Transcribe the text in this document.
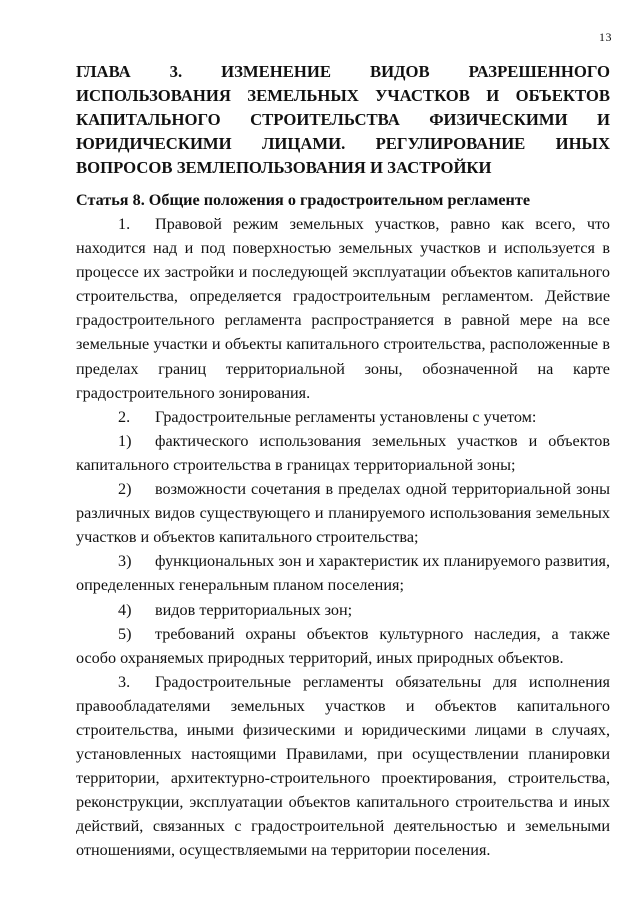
13
ГЛАВА 3. ИЗМЕНЕНИЕ ВИДОВ РАЗРЕШЕННОГО
ИСПОЛЬЗОВАНИЯ ЗЕМЕЛЬНЫХ УЧАСТКОВ И ОБЪЕКТОВ
КАПИТАЛЬНОГО СТРОИТЕЛЬСТВА ФИЗИЧЕСКИМИ И
ЮРИДИЧЕСКИМИ ЛИЦАМИ. РЕГУЛИРОВАНИЕ ИНЫХ
ВОПРОСОВ ЗЕМЛЕПОЛЬЗОВАНИЯ И ЗАСТРОЙКИ
Статья 8. Общие положения о градостроительном регламенте

1. Правовой режим земельных участков, равно как всего, что находится над и под поверхностью земельных участков и используется в процессе их застройки и последующей эксплуатации объектов капитального строительства, определяется градостроительным регламентом. Действие градостроительного регламента распространяется в равной мере на все земельные участки и объекты капитального строительства, расположенные в пределах границ территориальной зоны, обозначенной на карте градостроительного зонирования.

2. Градостроительные регламенты установлены с учетом:

1) фактического использования земельных участков и объектов капитального строительства в границах территориальной зоны;

2) возможности сочетания в пределах одной территориальной зоны различных видов существующего и планируемого использования земельных участков и объектов капитального строительства;

3) функциональных зон и характеристик их планируемого развития, определенных генеральным планом поселения;

4) видов территориальных зон;

5) требований охраны объектов культурного наследия, а также особо охраняемых природных территорий, иных природных объектов.

3. Градостроительные регламенты обязательны для исполнения правообладателями земельных участков и объектов капитального строительства, иными физическими и юридическими лицами в случаях, установленных настоящими Правилами, при осуществлении планировки территории, архитектурно-строительного проектирования, строительства, реконструкции, эксплуатации объектов капитального строительства и иных действий, связанных с градостроительной деятельностью и земельными отношениями, осуществляемыми на территории поселения.
